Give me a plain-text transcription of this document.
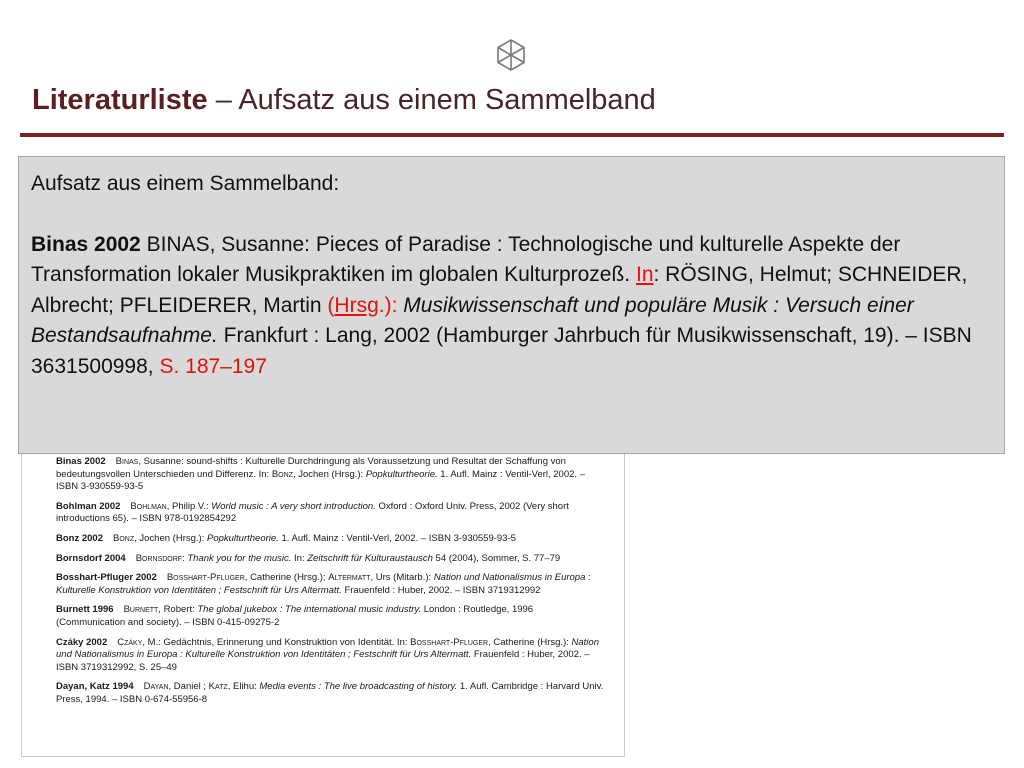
Literaturliste – Aufsatz aus einem Sammelband

Binas 2002 Binas, Susanne: sound-shifts : Kulturelle Durchdringung als Voraussetzung und Resultat der Schaffung von bedeutungsvollen Unterschieden und Differenz. In: Bonz, Jochen (Hrsg.): Popkulturtheorie. 1. Aufl. Mainz : Ventil-Verl, 2002. – ISBN 3-930559-93-5

Bohlman 2002 Bohlman, Philip V.: World music : A very short introduction. Oxford : Oxford Univ. Press, 2002 (Very short introductions 65). – ISBN 978-0192854292

Bonz 2002 Bonz, Jochen (Hrsg.): Popkulturtheorie. 1. Aufl. Mainz : Ventil-Verl, 2002. – ISBN 3-930559-93-5

Bornsdorf 2004 Bornsdorf: Thank you for the music. In: Zeitschrift für Kulturaustausch 54 (2004), Sommer, S. 77–79

Bosshart-Pfluger 2002 Bosshart-Pfluger, Catherine (Hrsg.); Altermatt, Urs (Mitarb.): Nation und Nationalismus in Europa : Kulturelle Konstruktion von Identitäten ; Festschrift für Urs Altermatt. Frauenfeld : Huber, 2002. – ISBN 3719312992

Burnett 1996 Burnett, Robert: The global jukebox : The international music industry. London : Routledge, 1996 (Communication and society). – ISBN 0-415-09275-2

Czáky 2002 Czáky, M.: Gedächtnis, Erinnerung und Konstruktion von Identität. In: Bosshart-Pfluger, Catherine (Hrsg.): Nation und Nationalismus in Europa : Kulturelle Konstruktion von Identitäten ; Festschrift für Urs Altermatt. Frauenfeld : Huber, 2002. – ISBN 3719312992, S. 25–49

Dayan, Katz 1994 Dayan, Daniel ; Katz, Elihu: Media events : The live broadcasting of history. 1. Aufl. Cambridge : Harvard Univ. Press, 1994. – ISBN 0-674-55956-8

Aufsatz aus einem Sammelband:

Binas 2002 BINAS, Susanne: Pieces of Paradise : Technologische und kulturelle Aspekte der Transformation lokaler Musikpraktiken im globalen Kulturprozeß. In: RÖSING, Helmut; SCHNEIDER, Albrecht; PFLEIDERER, Martin (Hrsg.): Musikwissenschaft und populäre Musik : Versuch einer Bestandsaufnahme. Frankfurt : Lang, 2002 (Hamburger Jahrbuch für Musikwissenschaft, 19). – ISBN 3631500998, S. 187–197
